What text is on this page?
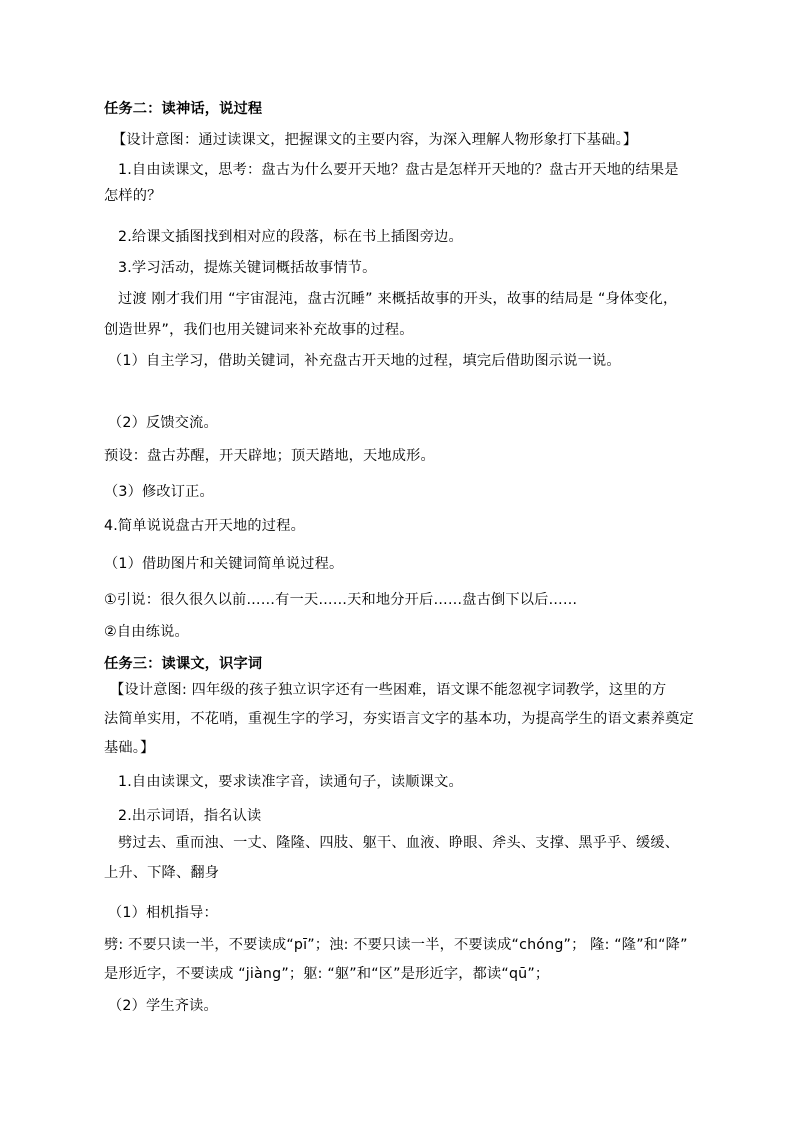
任务二：读神话，说过程
【设计意图：通过读课文，把握课文的主要内容，为深入理解人物形象打下基础。】
1.自由读课文，思考：盘古为什么要开天地？盘古是怎样开天地的？盘古开天地的结果是
怎样的？
2.给课文插图找到相对应的段落，标在书上插图旁边。
3.学习活动，提炼关键词概括故事情节。
过渡 刚才我们用 “宇宙混沌，盘古沉睡” 来概括故事的开头，故事的结局是 “身体变化，
创造世界”，我们也用关键词来补充故事的过程。
（1）自主学习，借助关键词，补充盘古开天地的过程，填完后借助图示说一说。
（2）反馈交流。
预设：盘古苏醒，开天辟地；顶天踏地，天地成形。
（3）修改订正。
4.简单说说盘古开天地的过程。
（1）借助图片和关键词简单说过程。
①引说：很久很久以前……有一天……天和地分开后……盘古倒下以后……
②自由练说。
任务三：读课文，识字词
【设计意图: 四年级的孩子独立识字还有一些困难，语文课不能忽视字词教学，这里的方
法简单实用，不花哨，重视生字的学习，夯实语言文字的基本功，为提高学生的语文素养奠定
基础。】
1.自由读课文，要求读准字音，读通句子，读顺课文。
2.出示词语，指名认读
劈过去、重而浊、一丈、隆隆、四肢、躯干、血液、睁眼、斧头、支撑、黑乎乎、缓缓、
上升、下降、翻身
（1）相机指导：
劈: 不要只读一半，不要读成“pī”；浊: 不要只读一半，不要读成“chóng”； 隆: “隆”和“降”
是形近字，不要读成 “jiàng”；躯: “躯”和“区”是形近字，都读“qū”；
（2）学生齐读。
